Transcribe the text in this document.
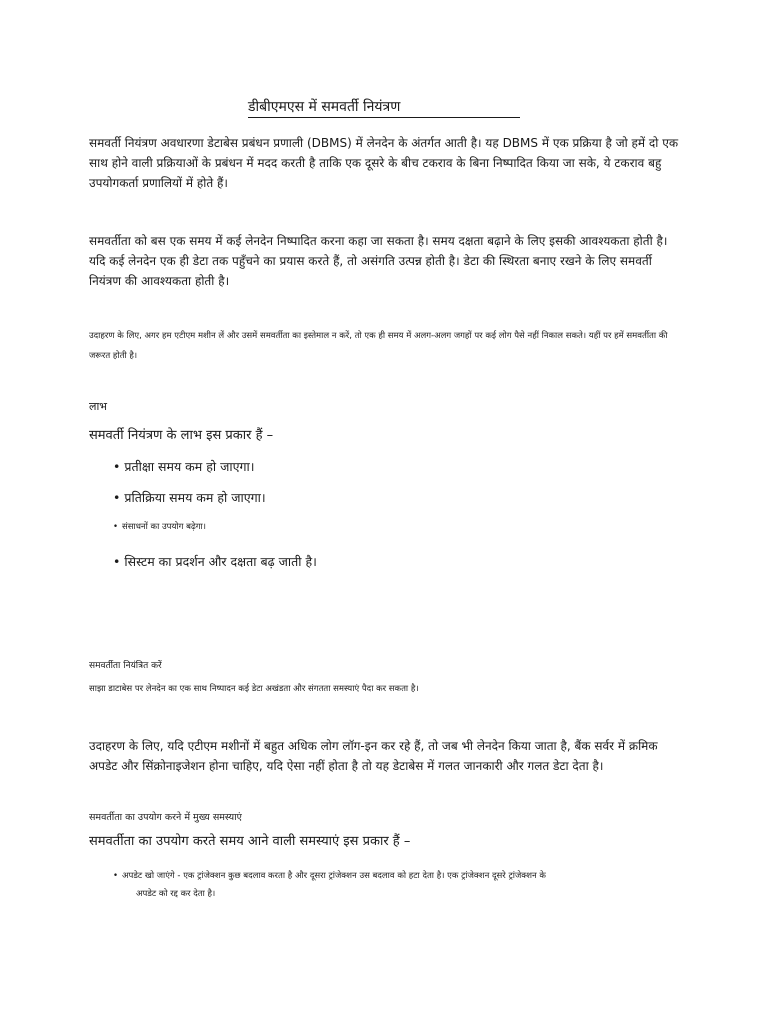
डीबीएमएस में समवर्ती नियंत्रण

समवर्ती नियंत्रण अवधारणा डेटाबेस प्रबंधन प्रणाली (DBMS) में लेनदेन के अंतर्गत आती है। यह DBMS में एक प्रक्रिया है जो हमें दो एक साथ होने वाली प्रक्रियाओं के प्रबंधन में मदद करती है ताकि एक दूसरे के बीच टकराव के बिना निष्पादित किया जा सके, ये टकराव बहु उपयोगकर्ता प्रणालियों में होते हैं।

समवर्तीता को बस एक समय में कई लेनदेन निष्पादित करना कहा जा सकता है। समय दक्षता बढ़ाने के लिए इसकी आवश्यकता होती है। यदि कई लेनदेन एक ही डेटा तक पहुँचने का प्रयास करते हैं, तो असंगति उत्पन्न होती है। डेटा की स्थिरता बनाए रखने के लिए समवर्ती नियंत्रण की आवश्यकता होती है।

उदाहरण के लिए, अगर हम एटीएम मशीन लें और उसमें समवर्तीता का इस्तेमाल न करें, तो एक ही समय में अलग-अलग जगहों पर कई लोग पैसे नहीं निकाल सकते। यहीं पर हमें समवर्तीता की जरूरत होती है।

लाभ

समवर्ती नियंत्रण के लाभ इस प्रकार हैं –

• प्रतीक्षा समय कम हो जाएगा।

• प्रतिक्रिया समय कम हो जाएगा।

• संसाधनों का उपयोग बढ़ेगा।

• सिस्टम का प्रदर्शन और दक्षता बढ़ जाती है।

समवर्तीता नियंत्रित करें

साझा डाटाबेस पर लेनदेन का एक साथ निष्पादन कई डेटा अखंडता और संगतता समस्याएं पैदा कर सकता है।

उदाहरण के लिए, यदि एटीएम मशीनों में बहुत अधिक लोग लॉग-इन कर रहे हैं, तो जब भी लेनदेन किया जाता है, बैंक सर्वर में क्रमिक अपडेट और सिंक्रोनाइजेशन होना चाहिए, यदि ऐसा नहीं होता है तो यह डेटाबेस में गलत जानकारी और गलत डेटा देता है।

समवर्तीता का उपयोग करने में मुख्य समस्याएं

समवर्तीता का उपयोग करते समय आने वाली समस्याएं इस प्रकार हैं –

• अपडेट खो जाएंगे - एक ट्रांजेक्शन कुछ बदलाव करता है और दूसरा ट्रांजेक्शन उस बदलाव को हटा देता है। एक ट्रांजेक्शन दूसरे ट्रांजेक्शन के
अपडेट को रद्द कर देता है।
